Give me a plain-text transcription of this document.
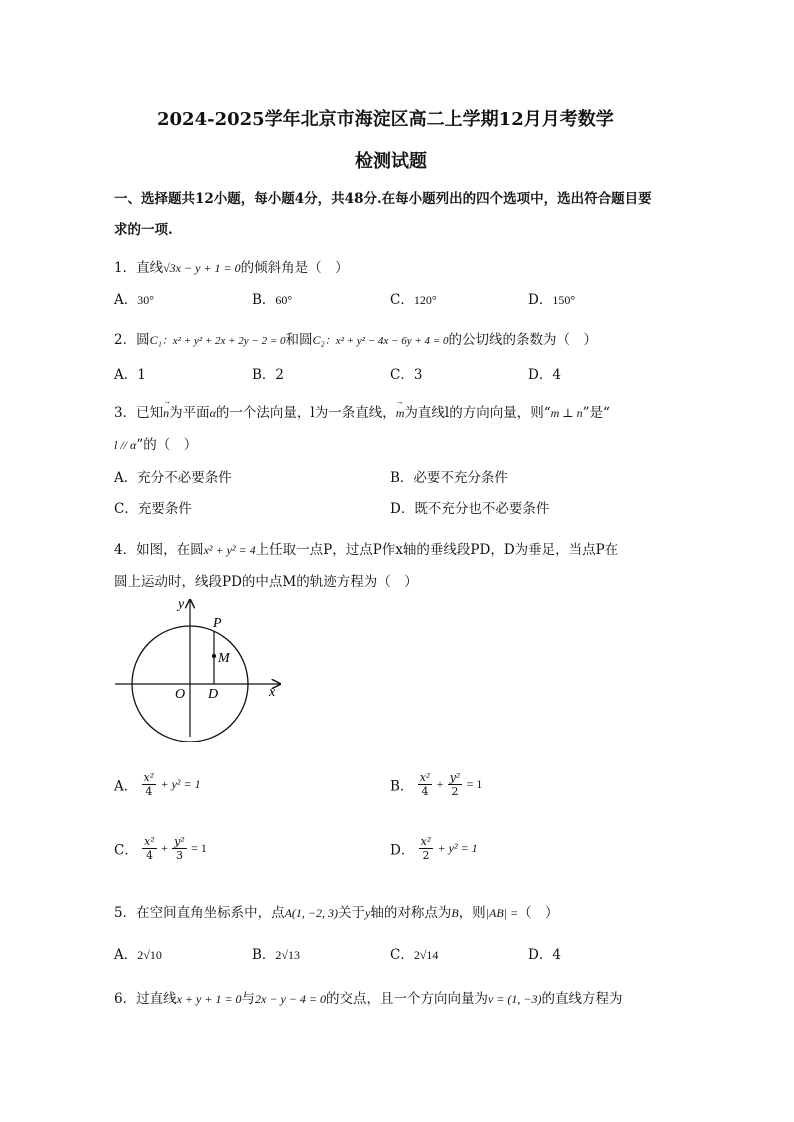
2024-2025学年北京市海淀区高二上学期12月月考数学
检测试题
一、选择题共12小题，每小题4分，共48分.在每小题列出的四个选项中，选出符合题目要
求的一项.
1．直线√3x − y + 1 = 0的倾斜角是（　）
A．30°	B．60°	C．120°	D．150°
2．圆C₁：x² + y² + 2x + 2y − 2 = 0和圆C₂：x² + y² − 4x − 6y + 4 = 0的公切线的条数为（　）
A．1	B．2	C．3	D．4
3．已知→ n为平面α的一个法向量，l为一条直线，→ m为直线l的方向向量，则“m ⊥ n”是“
l // α”的（　）
A．充分不必要条件	B．必要不充分条件
C．充要条件	D．既不充分也不必要条件
4．如图，在圆x² + y² = 4上任取一点P，过点P作x轴的垂线段PD，D为垂足，当点P在
圆上运动时，线段PD的中点M的轨迹方程为（　）
y
x
P
M
O D
A． $\frac{\text{x²}}{4} + y^2 = 1$	B． $\frac{\text{x²}}{4} + \frac{\text{y²}}{2} = 1$
C． $\frac{\text{x²}}{4} + \frac{\text{y²}}{3} = 1$	D． $\frac{\text{x²}}{2} + y^2 = 1$
5．在空间直角坐标系中，点A(1, −2, 3)关于y轴的对称点为B，则|AB| =（　）
A．2√10	B．2√13	C．2√14	D．4
6．过直线x + y + 1 = 0与2x − y − 4 = 0的交点，且一个方向向量为v = (1, −3)的直线方程为
